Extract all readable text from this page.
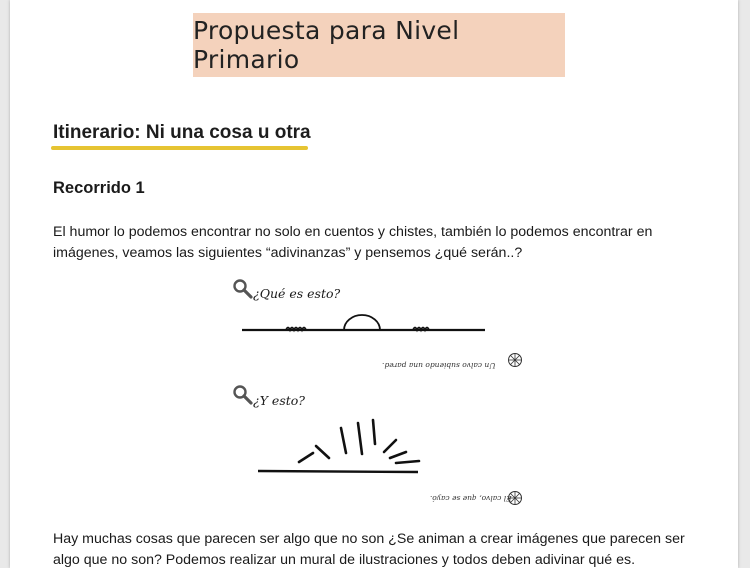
Propuesta para Nivel Primario
Itinerario: Ni una cosa u otra
Recorrido 1
El humor lo podemos encontrar no solo en cuentos y chistes, también lo podemos encontrar en imágenes, veamos las siguientes “adivinanzas” y pensemos ¿qué serán..?
¿Qué es esto?
Un calvo subiendo una pared.
¿Y esto?
El calvo, que se cayó.
Hay muchas cosas que parecen ser algo que no son ¿Se animan a crear imágenes que parecen ser algo que no son? Podemos realizar un mural de ilustraciones y todos deben adivinar qué es.
